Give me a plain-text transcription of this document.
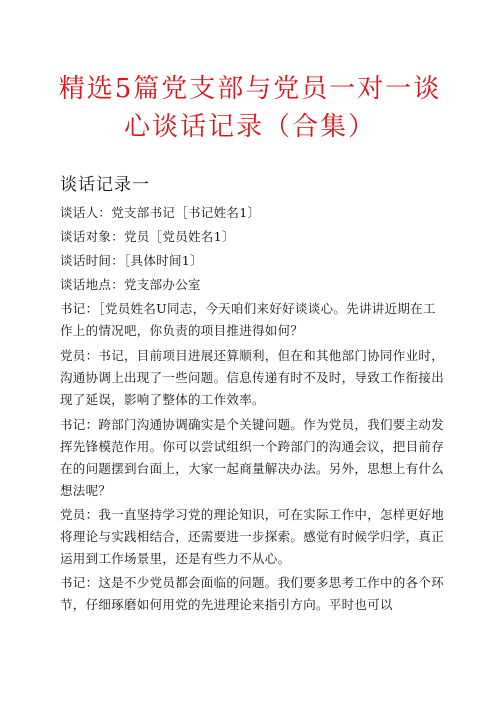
精选5篇党支部与党员一对一谈
心谈话记录（合集）
谈话记录一
谈话人：党支部书记［书记姓名1〕
谈话对象：党员［党员姓名1〕
谈话时间：［具体时间1〕
谈话地点：党支部办公室
书记：［党员姓名U同志，今天咱们来好好谈谈心。先讲讲近期在工作上的情况吧，你负责的项目推进得如何？
党员：书记，目前项目进展还算顺利，但在和其他部门协同作业时，沟通协调上出现了一些问题。信息传递有时不及时，导致工作衔接出现了延误，影响了整体的工作效率。
书记：跨部门沟通协调确实是个关键问题。作为党员，我们要主动发挥先锋模范作用。你可以尝试组织一个跨部门的沟通会议，把目前存在的问题摆到台面上，大家一起商量解决办法。另外，思想上有什么想法呢？
党员：我一直坚持学习党的理论知识，可在实际工作中，怎样更好地将理论与实践相结合，还需要进一步探索。感觉有时候学归学，真正运用到工作场景里，还是有些力不从心。
书记：这是不少党员都会面临的问题。我们要多思考工作中的各个环节，仔细琢磨如何用党的先进理论来指引方向。平时也可以
